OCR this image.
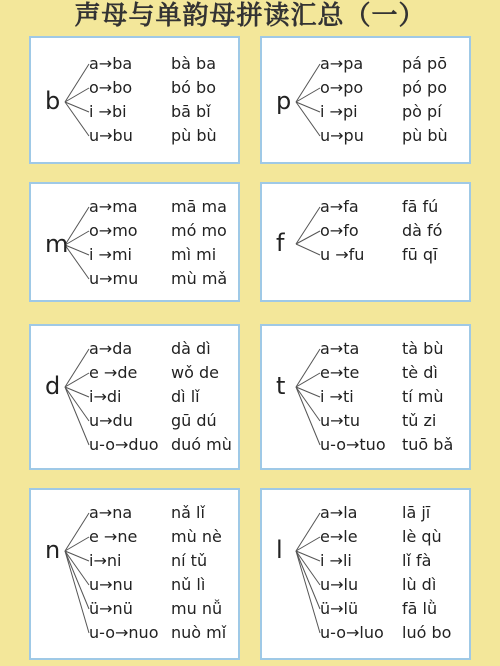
声母与单韵母拼读汇总（一）
b
a→ba bà ba
o→bo bó bo
i →bi	bā bǐ
u→bu pù bù
p
a→pa pá pō
o→po pó po
i →pi	pò pí
u→pu pù bù
m
a→ma mā ma
o→mo mó mo
i →mi mì mi
u→mu mù mǎ
f
a→fa	fā fú
o→fo	dà fó
u →fu fū qī
d
a→da dà dì
e →de wǒ de
i→di	dì lǐ
u→du gū dú
u-o→duo duó mù
t
a→ta	tà bù
e→te	tè dì
i →ti	tí mù
u→tu	tǔ zi
u-o→tuo tuō bǎ
n
a→na nǎ lǐ
e →ne mù nè
i→ni	ní tǔ
u→nu nǔ lì
ü→nü mu nǚ
u-o→nuo nuò mǐ
l
a→la	lā jī
e→le	lè qù
i →li	lǐ fà
u→lu	lù dì
ü→lü	fā lǜ
u-o→luo luó bo
